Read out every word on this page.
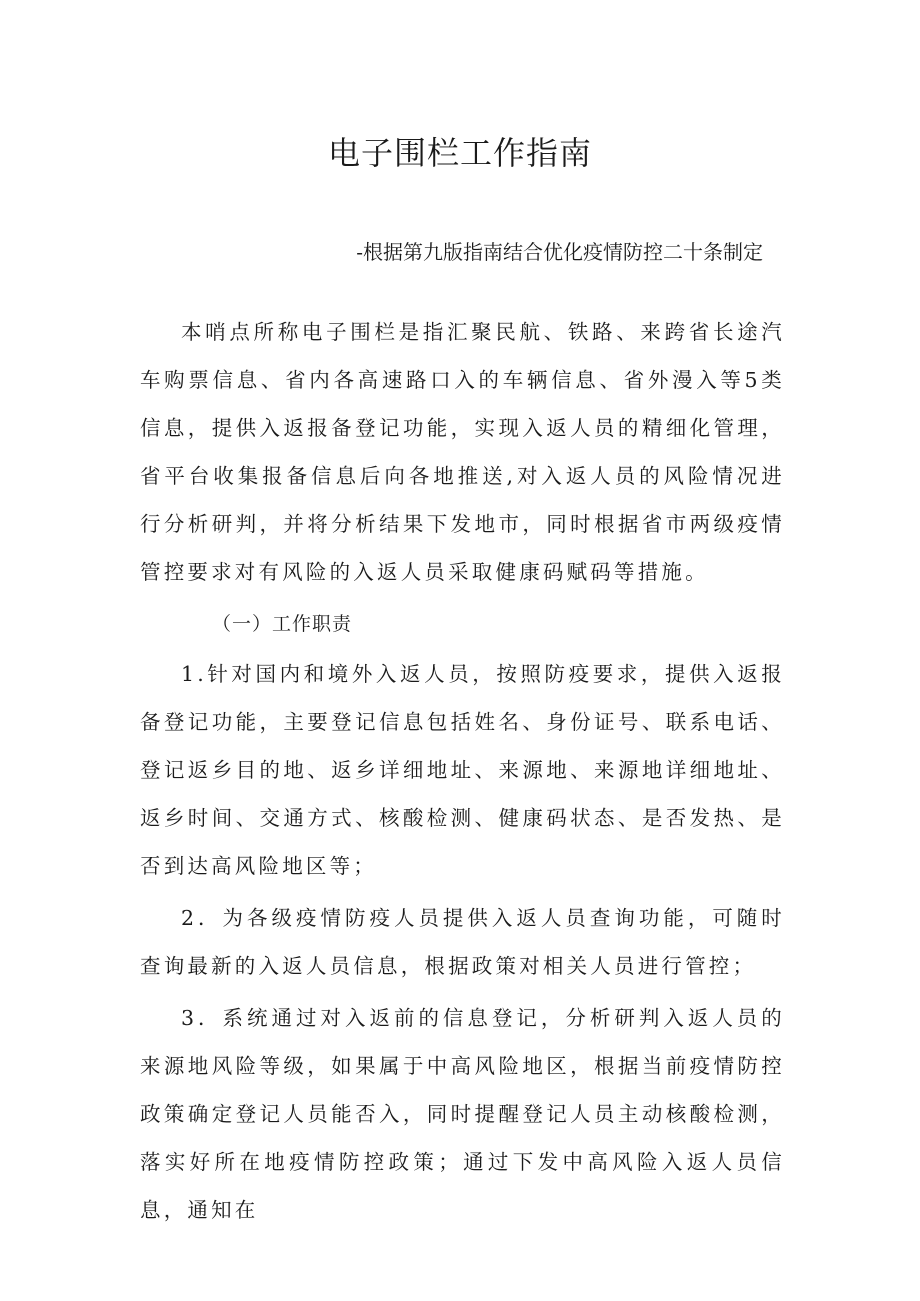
电子围栏工作指南

-根据第九版指南结合优化疫情防控二十条制定

本哨点所称电子围栏是指汇聚民航、铁路、来跨省长途汽车购票信息、省内各高速路口入的车辆信息、省外漫入等5类信息，提供入返报备登记功能，实现入返人员的精细化管理，省平台收集报备信息后向各地推送,对入返人员的风险情况进行分析研判，并将分析结果下发地市，同时根据省市两级疫情管控要求对有风险的入返人员采取健康码赋码等措施。

（一）工作职责

1.针对国内和境外入返人员，按照防疫要求，提供入返报备登记功能，主要登记信息包括姓名、身份证号、联系电话、登记返乡目的地、返乡详细地址、来源地、来源地详细地址、返乡时间、交通方式、核酸检测、健康码状态、是否发热、是否到达高风险地区等；

2．为各级疫情防疫人员提供入返人员查询功能，可随时查询最新的入返人员信息，根据政策对相关人员进行管控；

3．系统通过对入返前的信息登记，分析研判入返人员的来源地风险等级，如果属于中高风险地区，根据当前疫情防控政策确定登记人员能否入，同时提醒登记人员主动核酸检测，落实好所在地疫情防控政策；通过下发中高风险入返人员信息，通知在
